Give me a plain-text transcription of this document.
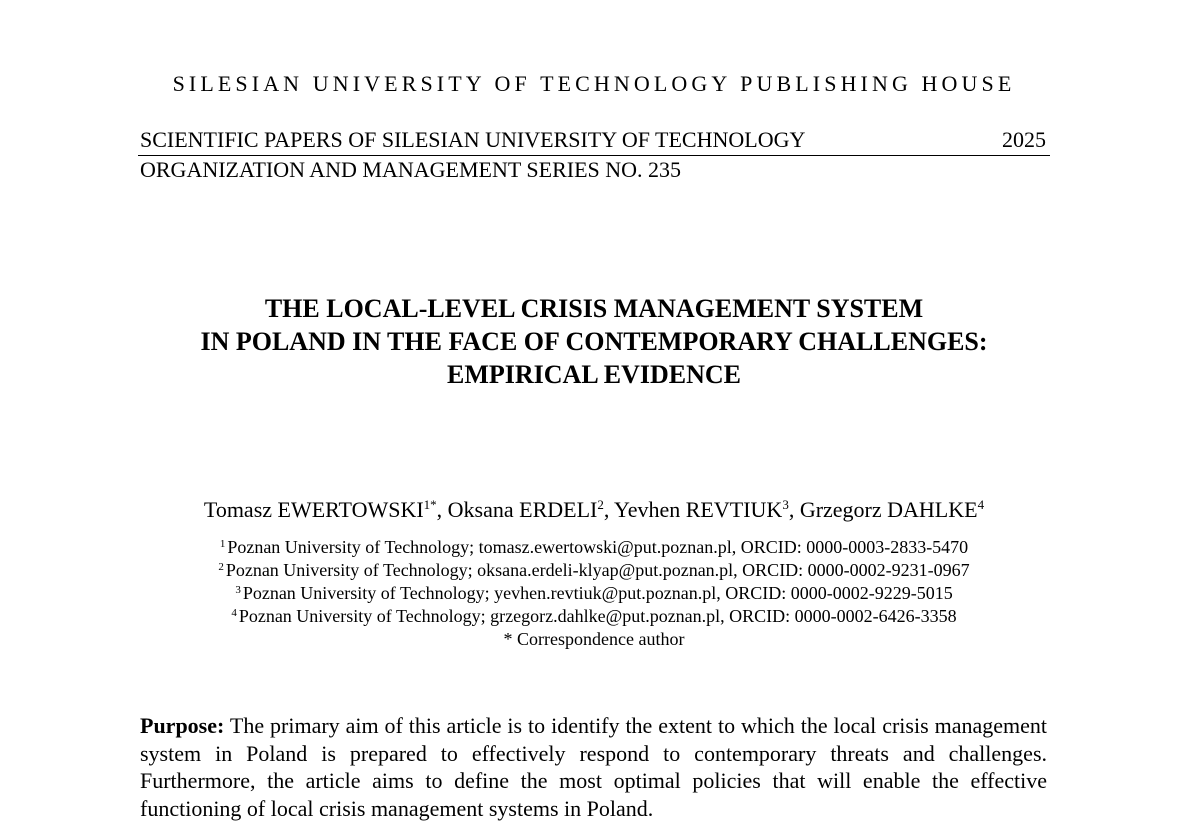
SILESIAN UNIVERSITY OF TECHNOLOGY PUBLISHING HOUSE
SCIENTIFIC PAPERS OF SILESIAN UNIVERSITY OF TECHNOLOGY	2025
ORGANIZATION AND MANAGEMENT SERIES NO. 235
THE LOCAL-LEVEL CRISIS MANAGEMENT SYSTEM
IN POLAND IN THE FACE OF CONTEMPORARY CHALLENGES:
EMPIRICAL EVIDENCE
Tomasz $EWERTOWSKI^{1*}$, Oksana ERDELI$^2$, Yevhen REVTIUK$^3$, Grzegorz DAHLKE$^4$
$^1$ Poznan University of Technology; tomasz.ewertowski@put.poznan.pl, ORCID: 0000-0003-2833-5470
$^2$ Poznan University of Technology; oksana.erdeli-klyap@put.poznan.pl, ORCID: 0000-0002-9231-0967
$^3$ Poznan University of Technology; yevhen.revtiuk@put.poznan.pl, ORCID: 0000-0002-9229-5015
$^4$ Poznan University of Technology; grzegorz.dahlke@put.poznan.pl, ORCID: 0000-0002-6426-3358
* Correspondence author
Purpose: The primary aim of this article is to identify the extent to which the local crisis management system in Poland is prepared to effectively respond to contemporary threats and challenges. Furthermore, the article aims to define the most optimal policies that will enable the effective functioning of local crisis management systems in Poland.
